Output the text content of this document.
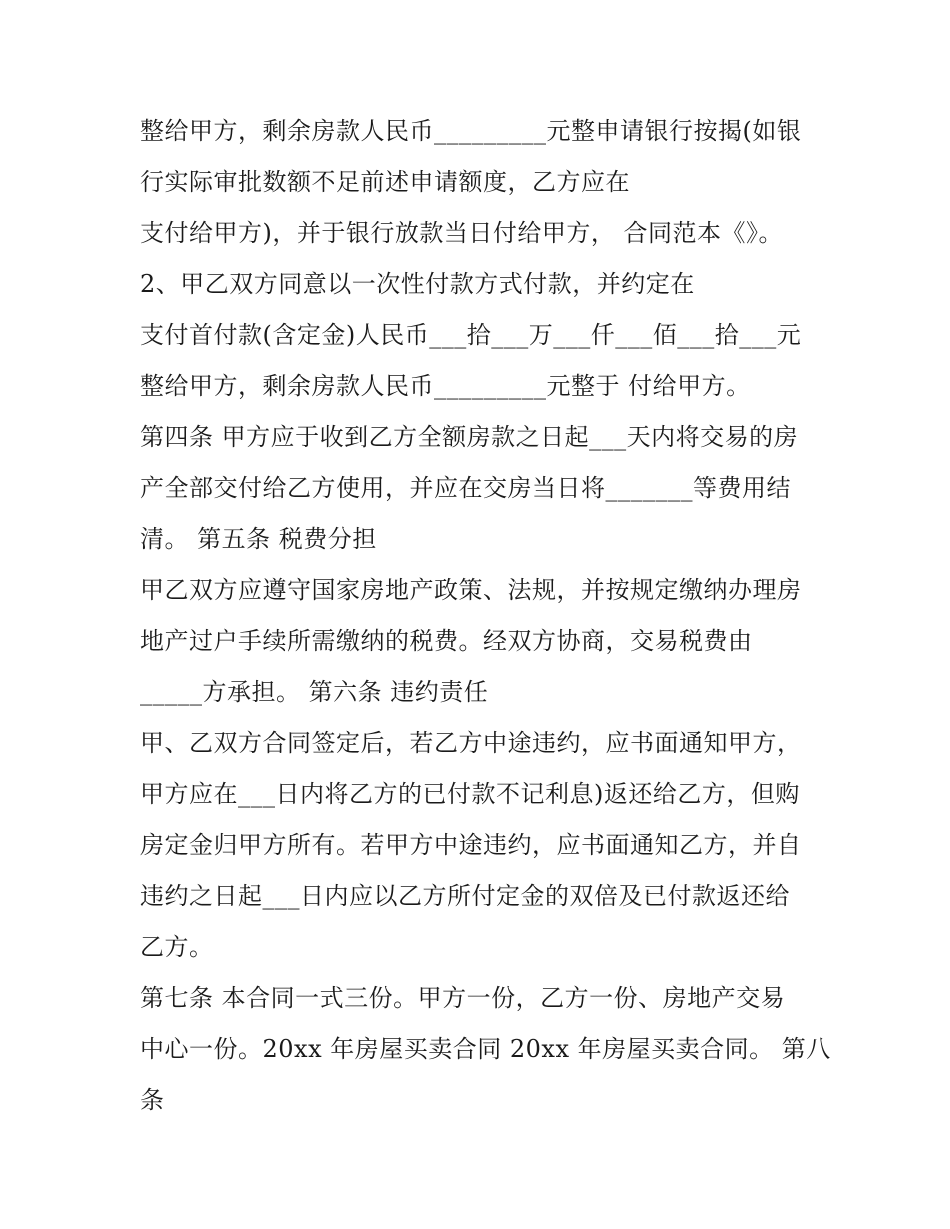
整给甲方，剩余房款人民币_________元整申请银行按揭(如银
行实际审批数额不足前述申请额度，乙方应在
支付给甲方)，并于银行放款当日付给甲方， 合同范本《》。
2、甲乙双方同意以一次性付款方式付款，并约定在
支付首付款(含定金)人民币___拾___万___仟___佰___拾___元
整给甲方，剩余房款人民币_________元整于 付给甲方。
第四条 甲方应于收到乙方全额房款之日起___天内将交易的房
产全部交付给乙方使用，并应在交房当日将_______等费用结
清。 第五条 税费分担
甲乙双方应遵守国家房地产政策、法规，并按规定缴纳办理房
地产过户手续所需缴纳的税费。经双方协商，交易税费由
_____方承担。 第六条 违约责任
甲、乙双方合同签定后，若乙方中途违约，应书面通知甲方，
甲方应在___日内将乙方的已付款不记利息)返还给乙方，但购
房定金归甲方所有。若甲方中途违约，应书面通知乙方，并自
违约之日起___日内应以乙方所付定金的双倍及已付款返还给
乙方。
第七条 本合同一式三份。甲方一份，乙方一份、房地产交易
中心一份。20xx 年房屋买卖合同 20xx 年房屋买卖合同。 第八
条
